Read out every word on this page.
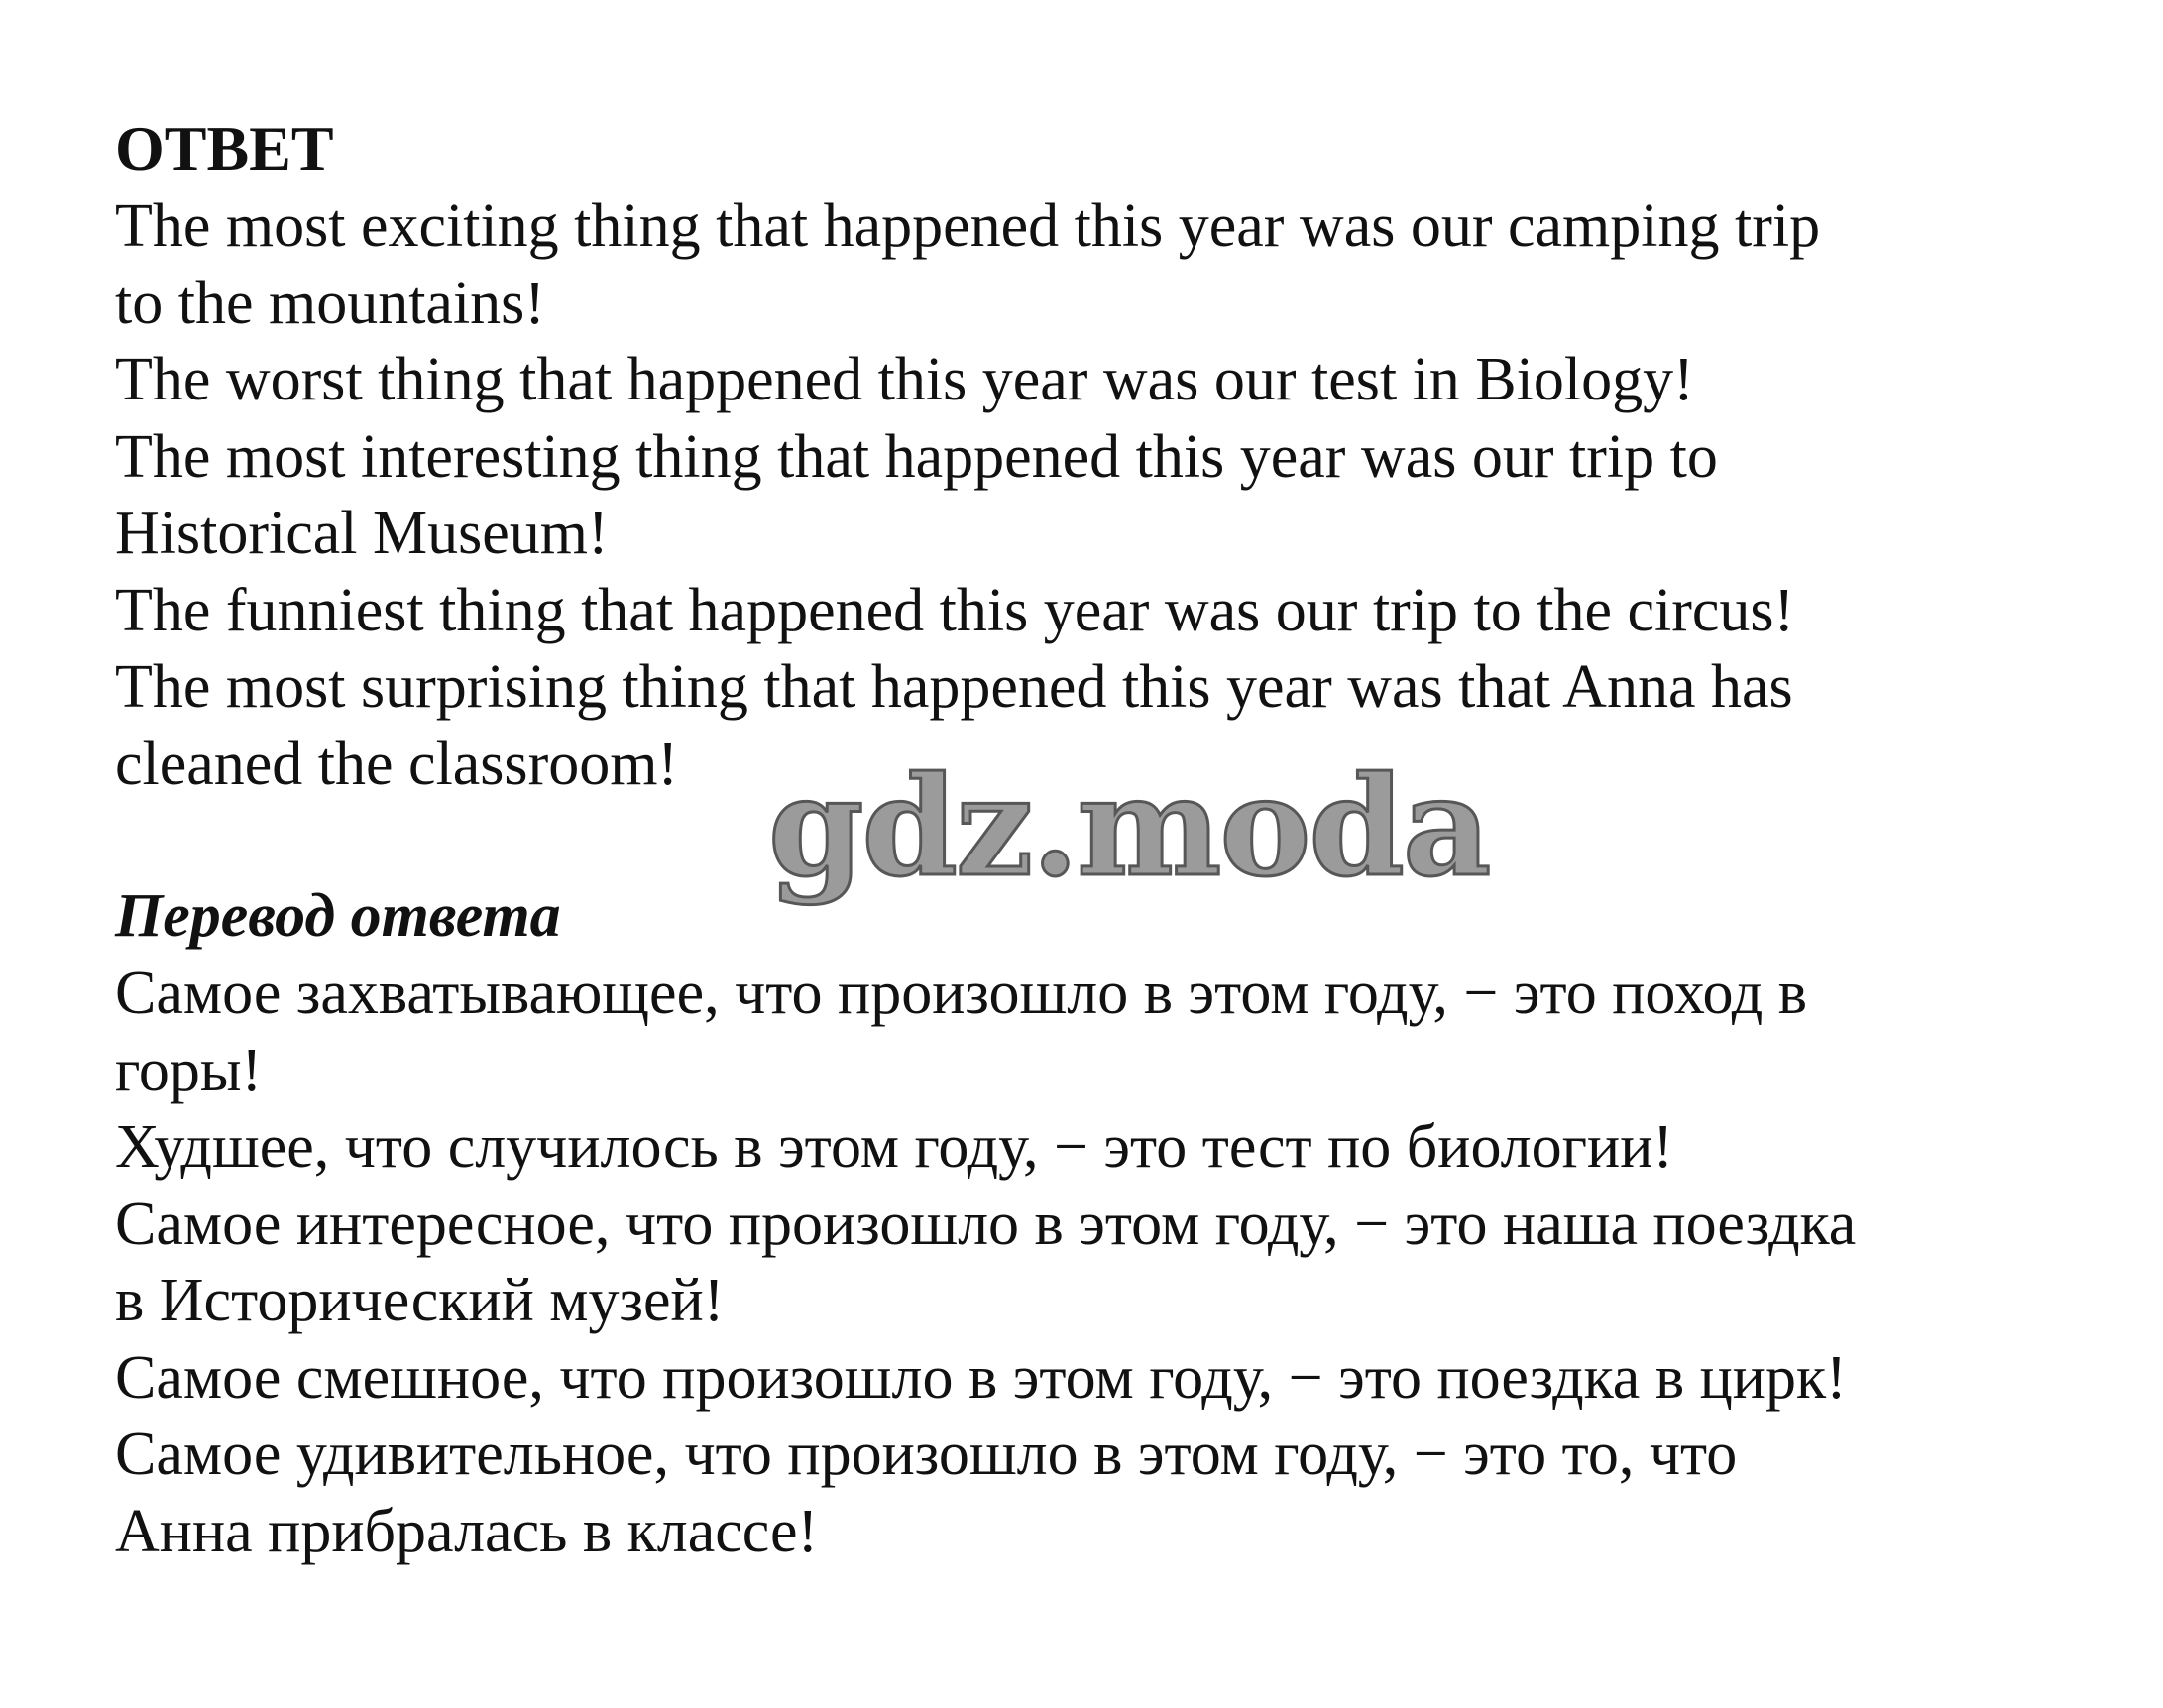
ОТВЕТ

The most exciting thing that happened this year was our camping trip

to the mountains!

The worst thing that happened this year was our test in Biology!

The most interesting thing that happened this year was our trip to

Historical Museum!

The funniest thing that happened this year was our trip to the circus!

The most surprising thing that happened this year was that Anna has

cleaned the classroom! gdz.moda

Перевод ответа

Самое захватывающее, что произошло в этом году, − это поход в

горы!

Худшее, что случилось в этом году, − это тест по биологии!

Самое интересное, что произошло в этом году, − это наша поездка

в Исторический музей!

Самое смешное, что произошло в этом году, − это поездка в цирк!

Самое удивительное, что произошло в этом году, − это то, что

Анна прибралась в классе!
